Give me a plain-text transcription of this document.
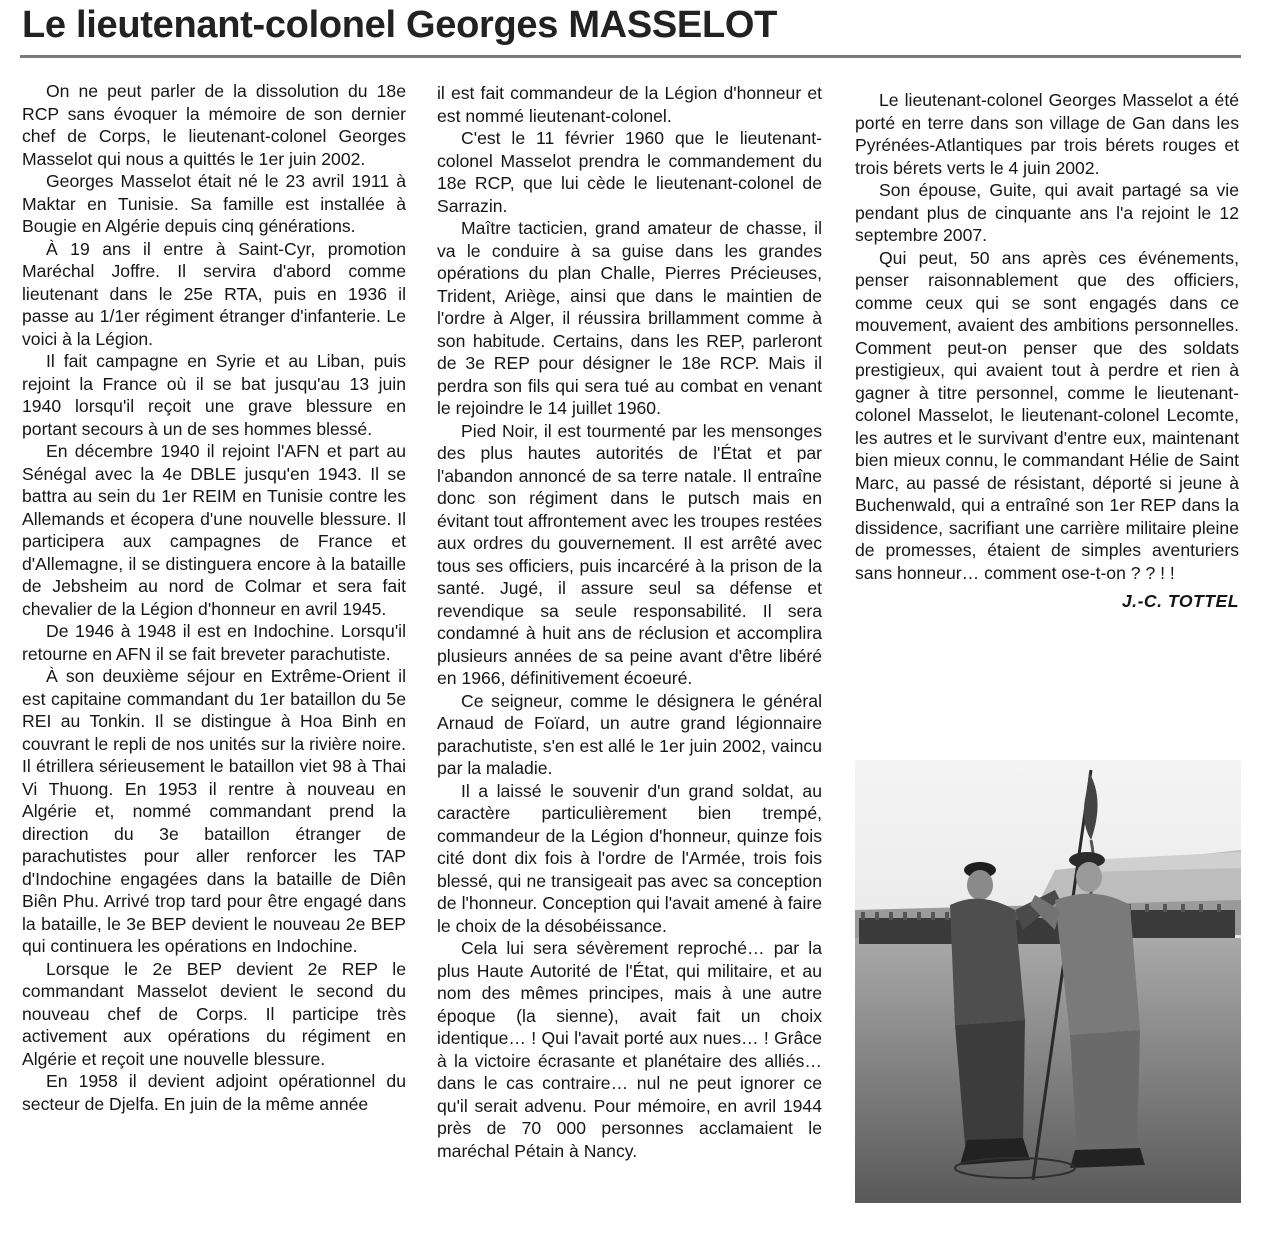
Le lieutenant-colonel Georges MASSELOT

On ne peut parler de la dissolution du 18e RCP sans évoquer la mémoire de son dernier chef de Corps, le lieutenant-colonel Georges Masselot qui nous a quittés le 1er juin 2002.

Georges Masselot était né le 23 avril 1911 à Maktar en Tunisie. Sa famille est installée à Bougie en Algérie depuis cinq générations.

À 19 ans il entre à Saint-Cyr, promotion Maréchal Joffre. Il servira d'abord comme lieutenant dans le 25e RTA, puis en 1936 il passe au 1/1er régiment étranger d'infanterie. Le voici à la Légion.

Il fait campagne en Syrie et au Liban, puis rejoint la France où il se bat jusqu'au 13 juin 1940 lorsqu'il reçoit une grave blessure en portant secours à un de ses hommes blessé.

En décembre 1940 il rejoint l'AFN et part au Sénégal avec la 4e DBLE jusqu'en 1943. Il se battra au sein du 1er REIM en Tunisie contre les Allemands et écopera d'une nouvelle blessure. Il participera aux campagnes de France et d'Allemagne, il se distinguera encore à la bataille de Jebsheim au nord de Colmar et sera fait chevalier de la Légion d'honneur en avril 1945.

De 1946 à 1948 il est en Indochine. Lorsqu'il retourne en AFN il se fait breveter parachutiste.

À son deuxième séjour en Extrême-Orient il est capitaine commandant du 1er bataillon du 5e REI au Tonkin. Il se distingue à Hoa Binh en couvrant le repli de nos unités sur la rivière noire. Il étrillera sérieusement le bataillon viet 98 à Thai Vi Thuong. En 1953 il rentre à nouveau en Algérie et, nommé commandant prend la direction du 3e bataillon étranger de parachutistes pour aller renforcer les TAP d'Indochine engagées dans la bataille de Diên Biên Phu. Arrivé trop tard pour être engagé dans la bataille, le 3e BEP devient le nouveau 2e BEP qui continuera les opérations en Indochine.

Lorsque le 2e BEP devient 2e REP le commandant Masselot devient le second du nouveau chef de Corps. Il participe très activement aux opérations du régiment en Algérie et reçoit une nouvelle blessure.

En 1958 il devient adjoint opérationnel du secteur de Djelfa. En juin de la même année

il est fait commandeur de la Légion d'honneur et est nommé lieutenant-colonel.

C'est le 11 février 1960 que le lieutenant-colonel Masselot prendra le commandement du 18e RCP, que lui cède le lieutenant-colonel de Sarrazin.

Maître tacticien, grand amateur de chasse, il va le conduire à sa guise dans les grandes opérations du plan Challe, Pierres Précieuses, Trident, Ariège, ainsi que dans le maintien de l'ordre à Alger, il réussira brillamment comme à son habitude. Certains, dans les REP, parleront de 3e REP pour désigner le 18e RCP. Mais il perdra son fils qui sera tué au combat en venant le rejoindre le 14 juillet 1960.

Pied Noir, il est tourmenté par les mensonges des plus hautes autorités de l'État et par l'abandon annoncé de sa terre natale. Il entraîne donc son régiment dans le putsch mais en évitant tout affrontement avec les troupes restées aux ordres du gouvernement. Il est arrêté avec tous ses officiers, puis incarcéré à la prison de la santé. Jugé, il assure seul sa défense et revendique sa seule responsabilité. Il sera condamné à huit ans de réclusion et accomplira plusieurs années de sa peine avant d'être libéré en 1966, définitivement écoeuré.

Ce seigneur, comme le désignera le général Arnaud de Foïard, un autre grand légionnaire parachutiste, s'en est allé le 1er juin 2002, vaincu par la maladie.

Il a laissé le souvenir d'un grand soldat, au caractère particulièrement bien trempé, commandeur de la Légion d'honneur, quinze fois cité dont dix fois à l'ordre de l'Armée, trois fois blessé, qui ne transigeait pas avec sa conception de l'honneur. Conception qui l'avait amené à faire le choix de la désobéissance.

Cela lui sera sévèrement reproché… par la plus Haute Autorité de l'État, qui militaire, et au nom des mêmes principes, mais à une autre époque (la sienne), avait fait un choix identique… ! Qui l'avait porté aux nues… ! Grâce à la victoire écrasante et planétaire des alliés… dans le cas contraire… nul ne peut ignorer ce qu'il serait advenu. Pour mémoire, en avril 1944 près de 70 000 personnes acclamaient le maréchal Pétain à Nancy.

Le lieutenant-colonel Georges Masselot a été porté en terre dans son village de Gan dans les Pyrénées-Atlantiques par trois bérets rouges et trois bérets verts le 4 juin 2002.

Son épouse, Guite, qui avait partagé sa vie pendant plus de cinquante ans l'a rejoint le 12 septembre 2007.

Qui peut, 50 ans après ces événements, penser raisonnablement que des officiers, comme ceux qui se sont engagés dans ce mouvement, avaient des ambitions personnelles. Comment peut-on penser que des soldats prestigieux, qui avaient tout à perdre et rien à gagner à titre personnel, comme le lieutenant-colonel Masselot, le lieutenant-colonel Lecomte, les autres et le survivant d'entre eux, maintenant bien mieux connu, le commandant Hélie de Saint Marc, au passé de résistant, déporté si jeune à Buchenwald, qui a entraîné son 1er REP dans la dissidence, sacrifiant une carrière militaire pleine de promesses, étaient de simples aventuriers sans honneur… comment ose-t-on ? ? ! !

J.-C. TOTTEL
